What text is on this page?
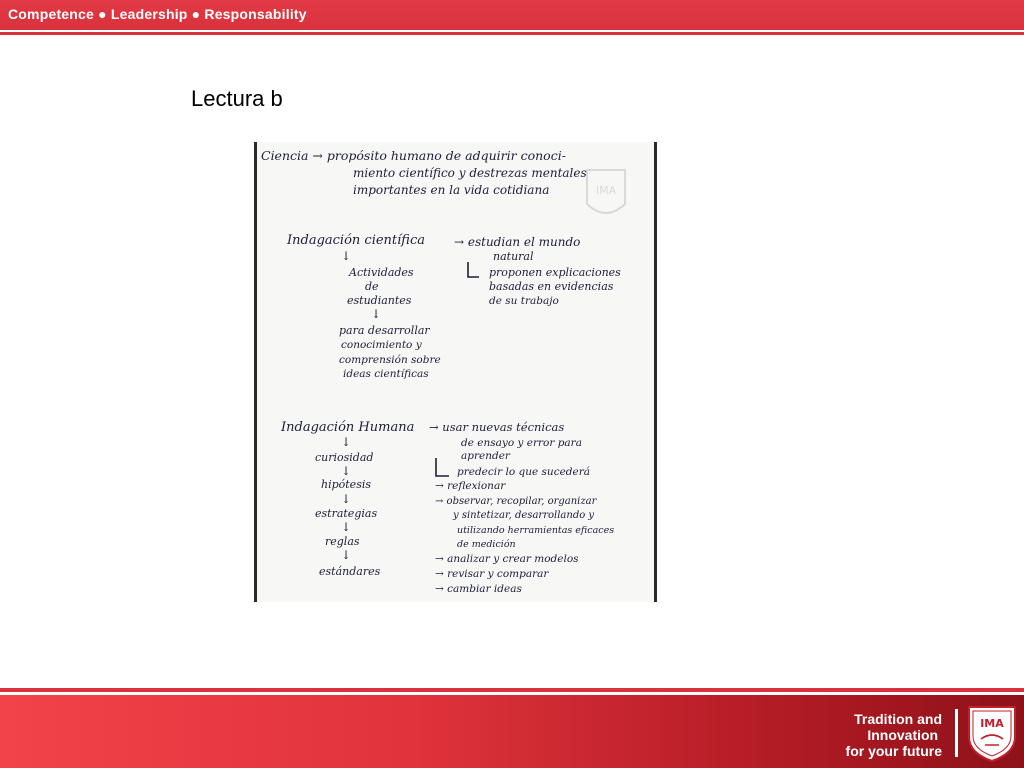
Competence ● Leadership ● Responsability
Lectura b
IMA
Ciencia → propósito humano de adquirir conoci-
miento científico y destrezas mentales
importantes en la vida cotidiana
Indagación científica
↓
Actividades
de
estudiantes
↓
para desarrollar
conocimiento y
comprensión sobre
ideas científicas
→ estudian el mundo
natural
proponen explicaciones
basadas en evidencias
de su trabajo
Indagación Humana
↓
curiosidad
↓
hipótesis
↓
estrategias
↓
reglas
↓
estándares
→ usar nuevas técnicas
de ensayo y error para
aprender
predecir lo que sucederá
→ reflexionar
→ observar, recopilar, organizar
y sintetizar, desarrollando y
utilizando herramientas eficaces
de medición
→ analizar y crear modelos
→ revisar y comparar
→ cambiar ideas
Tradition and
Innovation
for your future
IMA
